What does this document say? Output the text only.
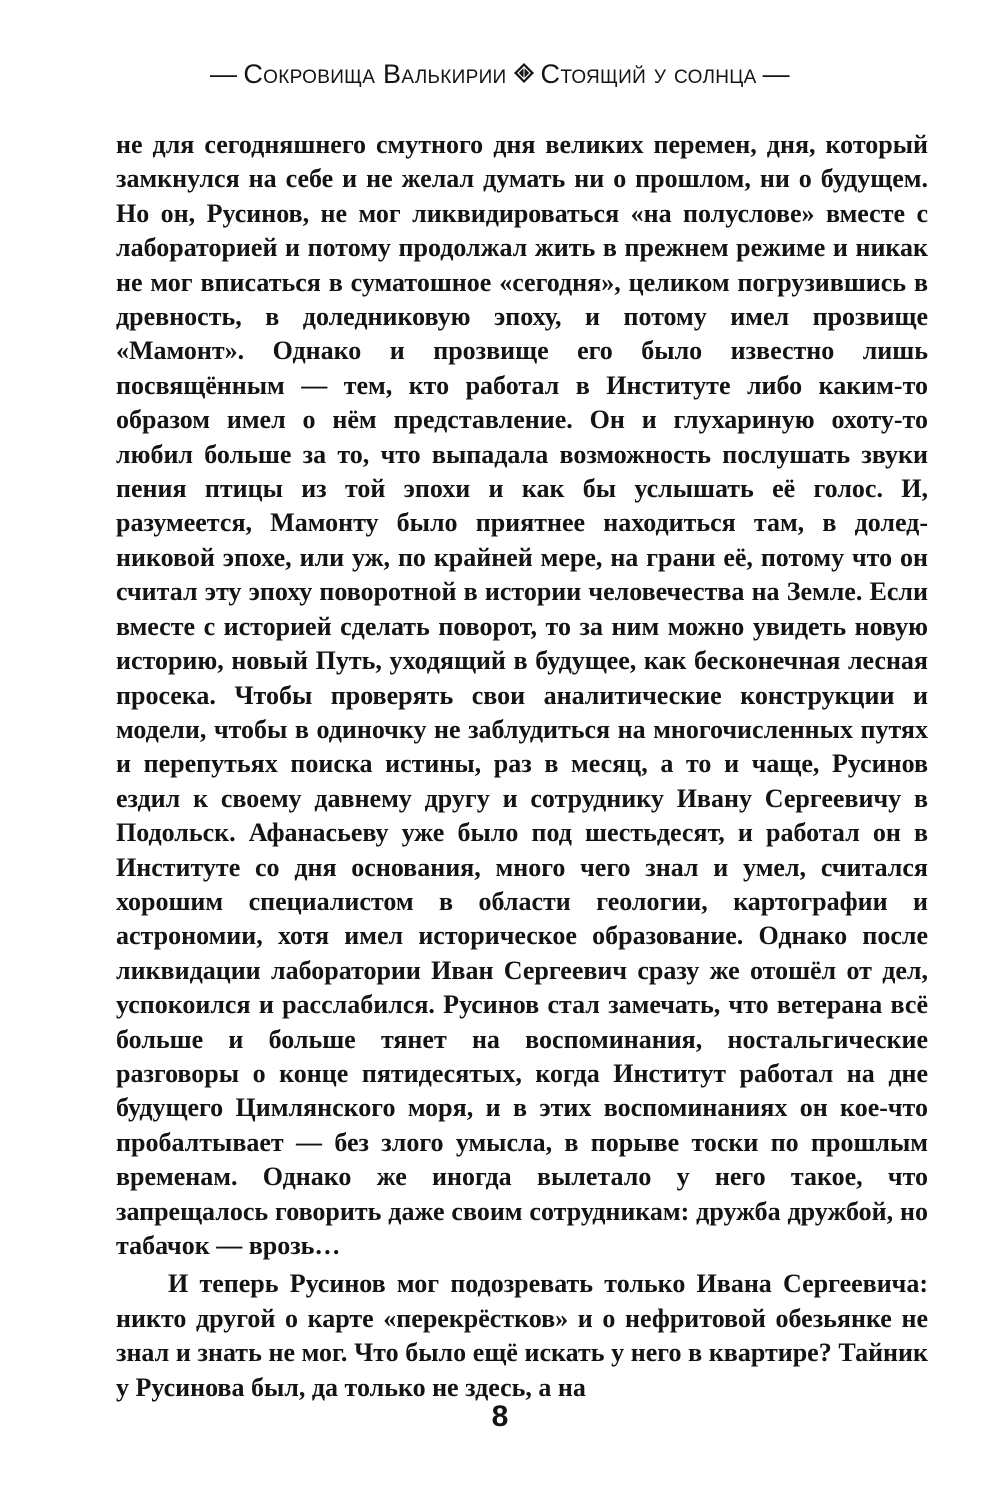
— Сокровища Валькирии Стоящий у солнца —

не для сегодняшнего смутного дня великих перемен, дня, который замкнулся на себе и не желал думать ни о прошлом, ни о будущем. Но он, Русинов, не мог ликвидироваться «на полуслове» вместе с лабораторией и потому продолжал жить в прежнем режиме и никак не мог вписаться в суматошное «сегодня», целиком погрузившись в древность, в доледниковую эпоху, и потому имел прозвище «Мамонт». Однако и прозвище его было известно лишь посвящённым — тем, кто работал в Институте либо каким-то образом имел о нём представление. Он и глухариную охоту-то любил больше за то, что выпадала возможность послушать звуки пения птицы из той эпохи и как бы услышать её голос. И, разумеется, Мамонту было приятнее находиться там, в доледниковой эпохе, или уж, по крайней мере, на грани её, потому что он считал эту эпоху поворотной в истории человечества на Земле. Если вместе с историей сделать поворот, то за ним можно увидеть новую историю, новый Путь, уходящий в будущее, как бесконечная лесная просека. Чтобы проверять свои аналитические конструкции и модели, чтобы в одиночку не заблудиться на многочисленных путях и перепутьях поиска истины, раз в месяц, а то и чаще, Русинов ездил к своему давнему другу и сотруднику Ивану Сергеевичу в Подольск. Афанасьеву уже было под шестьдесят, и работал он в Институте со дня основания, много чего знал и умел, считался хорошим специалистом в области геологии, картографии и астрономии, хотя имел историческое образование. Однако после ликвидации лаборатории Иван Сергеевич сразу же отошёл от дел, успокоился и расслабился. Русинов стал замечать, что ветерана всё больше и больше тянет на воспоминания, ностальгические разговоры о конце пятидесятых, когда Институт работал на дне будущего Цимлянского моря, и в этих воспоминаниях он кое-что пробалтывает — без злого умысла, в порыве тоски по прошлым временам. Однако же иногда вылетало у него такое, что запрещалось говорить даже своим сотрудникам: дружба дружбой, но табачок — врозь…

И теперь Русинов мог подозревать только Ивана Сергеевича: никто другой о карте «перекрёстков» и о нефритовой обезьянке не знал и знать не мог. Что было ещё искать у него в квартире? Тайник у Русинова был, да только не здесь, а на

8
